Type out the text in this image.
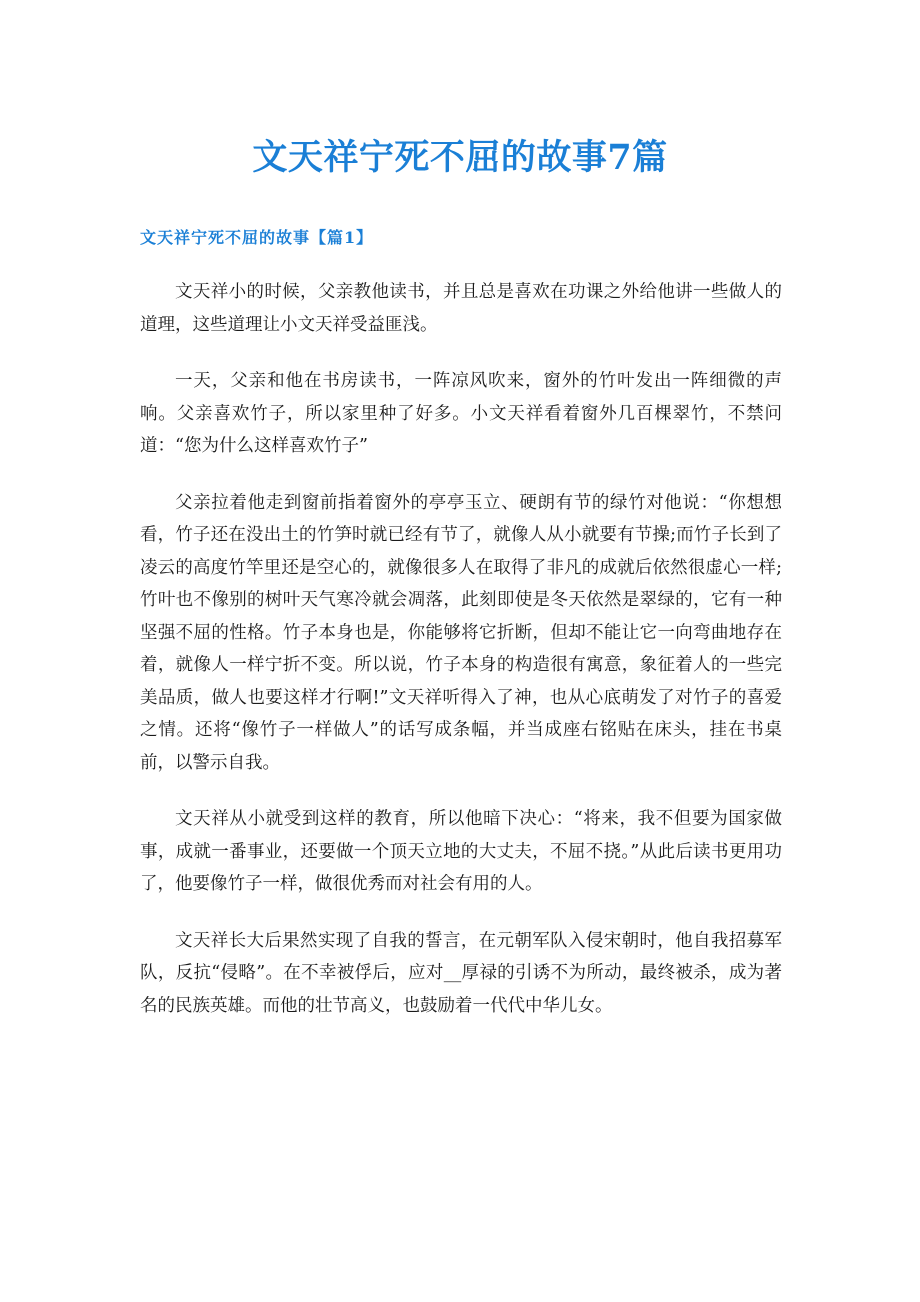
文天祥宁死不屈的故事7篇
文天祥宁死不屈的故事【篇1】

文天祥小的时候，父亲教他读书，并且总是喜欢在功课之外给他讲一些做人的道理，这些道理让小文天祥受益匪浅。

一天，父亲和他在书房读书，一阵凉风吹来，窗外的竹叶发出一阵细微的声响。父亲喜欢竹子，所以家里种了好多。小文天祥看着窗外几百棵翠竹，不禁问道：“您为什么这样喜欢竹子”

父亲拉着他走到窗前指着窗外的亭亭玉立、硬朗有节的绿竹对他说：“你想想看，竹子还在没出土的竹笋时就已经有节了，就像人从小就要有节操;而竹子长到了凌云的高度竹竿里还是空心的，就像很多人在取得了非凡的成就后依然很虚心一样;竹叶也不像别的树叶天气寒冷就会凋落，此刻即使是冬天依然是翠绿的，它有一种坚强不屈的性格。竹子本身也是，你能够将它折断，但却不能让它一向弯曲地存在着，就像人一样宁折不变。所以说，竹子本身的构造很有寓意，象征着人的一些完美品质，做人也要这样才行啊!”文天祥听得入了神，也从心底萌发了对竹子的喜爱之情。还将“像竹子一样做人”的话写成条幅，并当成座右铭贴在床头，挂在书桌前，以警示自我。

文天祥从小就受到这样的教育，所以他暗下决心：“将来，我不但要为国家做事，成就一番事业，还要做一个顶天立地的大丈夫，不屈不挠。”从此后读书更用功了，他要像竹子一样，做很优秀而对社会有用的人。

文天祥长大后果然实现了自我的誓言，在元朝军队入侵宋朝时，他自我招募军队，反抗“侵略”。在不幸被俘后，应对__厚禄的引诱不为所动，最终被杀，成为著名的民族英雄。而他的壮节高义，也鼓励着一代代中华儿女。
